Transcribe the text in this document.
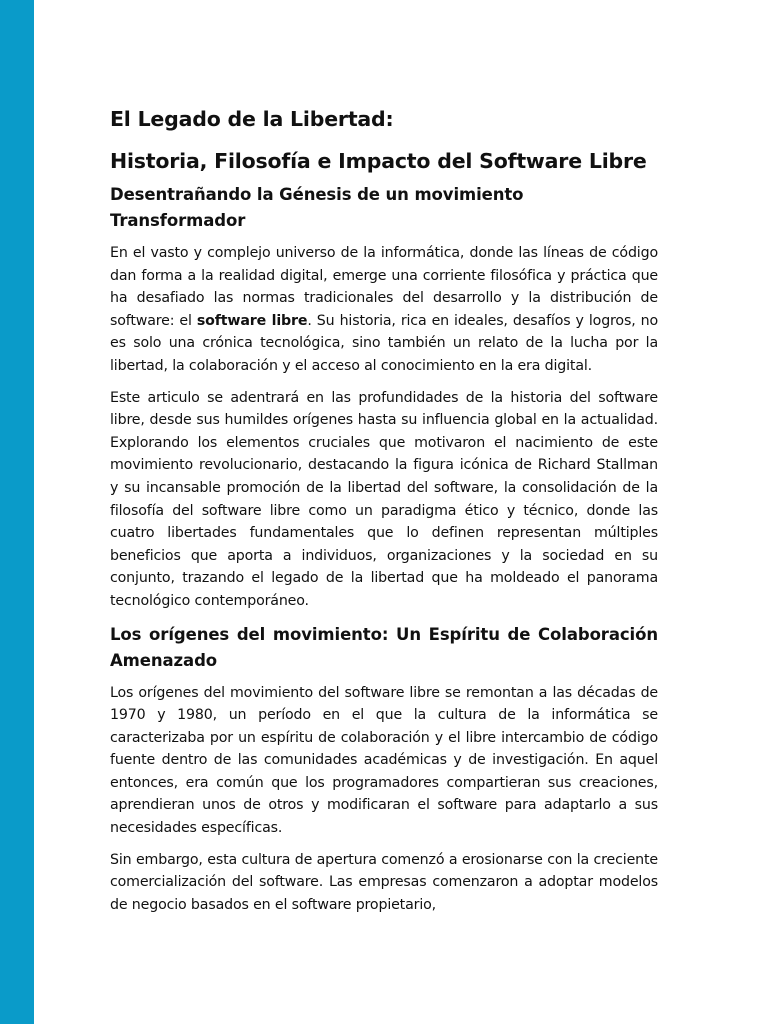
El Legado de la Libertad:
Historia, Filosofía e Impacto del Software Libre
Desentrañando la Génesis de un movimiento Transformador

En el vasto y complejo universo de la informática, donde las líneas de código dan forma a la realidad digital, emerge una corriente filosófica y práctica que ha desafiado las normas tradicionales del desarrollo y la distribución de software: el software libre. Su historia, rica en ideales, desafíos y logros, no es solo una crónica tecnológica, sino también un relato de la lucha por la libertad, la colaboración y el acceso al conocimiento en la era digital.

Este articulo se adentrará en las profundidades de la historia del software libre, desde sus humildes orígenes hasta su influencia global en la actualidad. Explorando los elementos cruciales que motivaron el nacimiento de este movimiento revolucionario, destacando la figura icónica de Richard Stallman y su incansable promoción de la libertad del software, la consolidación de la filosofía del software libre como un paradigma ético y técnico, donde las cuatro libertades fundamentales que lo definen representan múltiples beneficios que aporta a individuos, organizaciones y la sociedad en su conjunto, trazando el legado de la libertad que ha moldeado el panorama tecnológico contemporáneo.

Los orígenes del movimiento: Un Espíritu de Colaboración Amenazado

Los orígenes del movimiento del software libre se remontan a las décadas de 1970 y 1980, un período en el que la cultura de la informática se caracterizaba por un espíritu de colaboración y el libre intercambio de código fuente dentro de las comunidades académicas y de investigación. En aquel entonces, era común que los programadores compartieran sus creaciones, aprendieran unos de otros y modificaran el software para adaptarlo a sus necesidades específicas.

Sin embargo, esta cultura de apertura comenzó a erosionarse con la creciente comercialización del software. Las empresas comenzaron a adoptar modelos de negocio basados en el software propietario,
